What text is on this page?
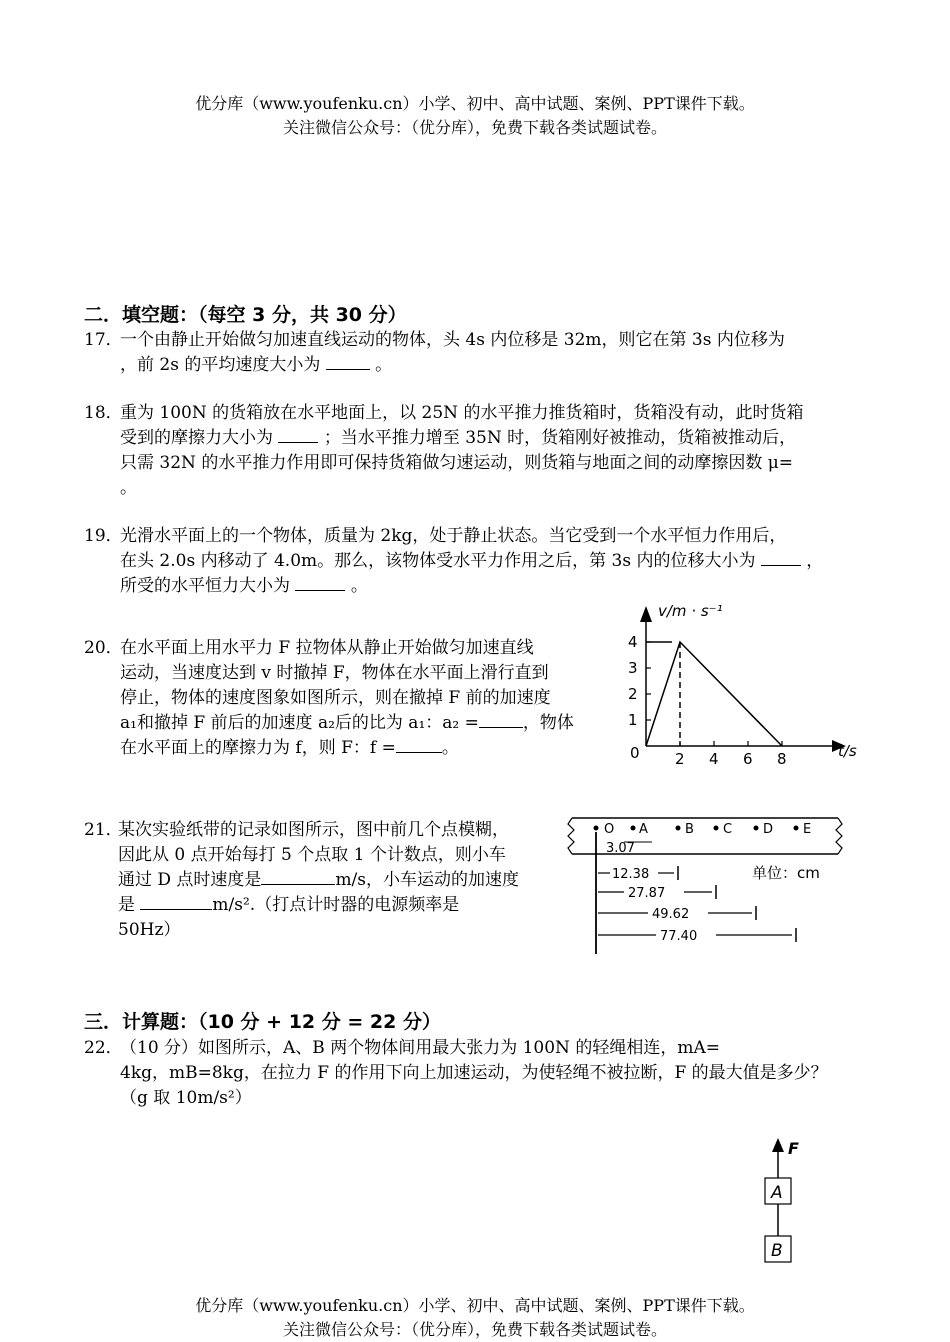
优分库（www.youfenku.cn）小学、初中、高中试题、案例、PPT课件下载。
关注微信公众号：（优分库），免费下载各类试题试卷。
二．填空题：（每空 3 分，共 30 分）
17．
一个由静止开始做匀加速直线运动的物体，头 4s 内位移是 32m，则它在第 3s 内位移为
，前 2s 的平均速度大小为	。
18．
重为 100N 的货箱放在水平地面上，以 25N 的水平推力推货箱时，货箱没有动，此时货箱
受到的摩擦力大小为	；当水平推力增至 35N 时，货箱刚好被推动，货箱被推动后，
只需 32N 的水平推力作用即可保持货箱做匀速运动，则货箱与地面之间的动摩擦因数 μ=
。
19．
光滑水平面上的一个物体，质量为 2kg，处于静止状态。当它受到一个水平恒力作用后，
在头 2.0s 内移动了 4.0m。那么，该物体受水平力作用之后，第 3s 内的位移大小为	，
所受的水平恒力大小为	。
20．
在水平面上用水平力 F 拉物体从静止开始做匀加速直线
运动，当速度达到 v 时撤掉 F，物体在水平面上滑行直到
停止，物体的速度图象如图所示，则在撤掉 F 前的加速度
a₁和撤掉 F 前后的加速度 a₂后的比为 a₁：a₂ =	，物体
在水平面上的摩擦力为 f，则 F：f =	。
v/m · s⁻¹
t/s
0 2 4 6 8
1
2
3
4
21．
某次实验纸带的记录如图所示，图中前几个点模糊，
因此从 0 点开始每打 5 个点取 1 个计数点，则小车
通过 D 点时速度是	m/s，小车运动的加速度
是	m/s².（打点计时器的电源频率是
50Hz）
O A	B C D E
3.07
单位：cm
12.38
27.87
49.62
77.40
三．计算题：（10 分 + 12 分 = 22 分）
22．
（10 分）如图所示，A、B 两个物体间用最大张力为 100N 的轻绳相连，mA=
4kg，mB=8kg，在拉力 F 的作用下向上加速运动，为使轻绳不被拉断，F 的最大值是多少？
（g 取 10m/s²）
F
A
B
优分库（www.youfenku.cn）小学、初中、高中试题、案例、PPT课件下载。
关注微信公众号：（优分库），免费下载各类试题试卷。
